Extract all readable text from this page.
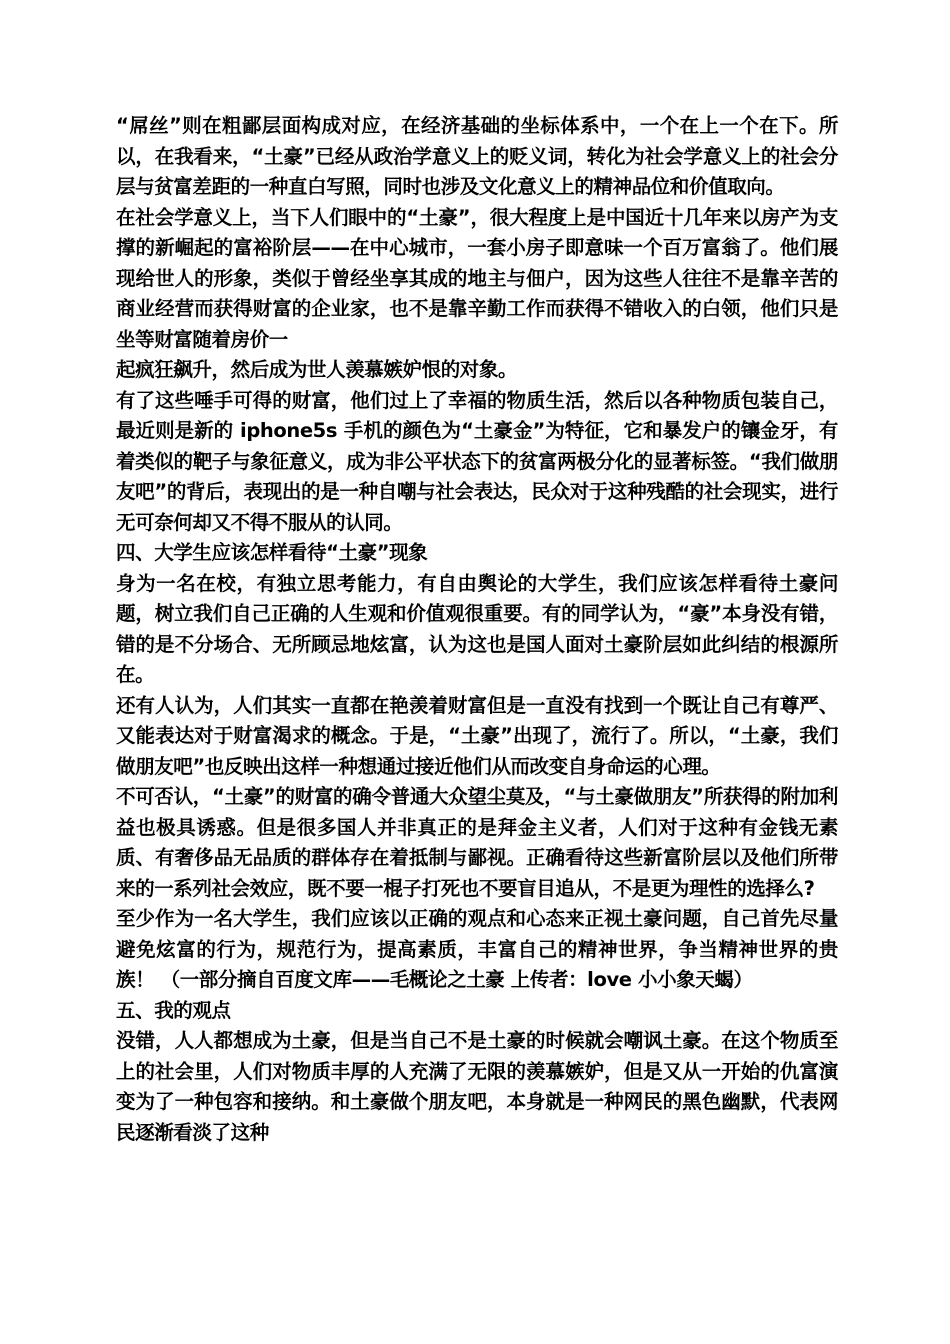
“屌丝”则在粗鄙层面构成对应，在经济基础的坐标体系中，一个在上一个在下。所以，在我看来，“土豪”已经从政治学意义上的贬义词，转化为社会学意义上的社会分层与贫富差距的一种直白写照，同时也涉及文化意义上的精神品位和价值取向。

在社会学意义上，当下人们眼中的“土豪”，很大程度上是中国近十几年来以房产为支撑的新崛起的富裕阶层——在中心城市，一套小房子即意味一个百万富翁了。他们展现给世人的形象，类似于曾经坐享其成的地主与佃户，因为这些人往往不是靠辛苦的商业经营而获得财富的企业家，也不是靠辛勤工作而获得不错收入的白领，他们只是坐等财富随着房价一

起疯狂飙升，然后成为世人羡慕嫉妒恨的对象。

有了这些唾手可得的财富，他们过上了幸福的物质生活，然后以各种物质包装自己，最近则是新的 iphone5s 手机的颜色为“土豪金”为特征，它和暴发户的镶金牙，有着类似的靶子与象征意义，成为非公平状态下的贫富两极分化的显著标签。“我们做朋友吧”的背后，表现出的是一种自嘲与社会表达，民众对于这种残酷的社会现实，进行无可奈何却又不得不服从的认同。

四、大学生应该怎样看待“土豪”现象

身为一名在校，有独立思考能力，有自由舆论的大学生，我们应该怎样看待土豪问题，树立我们自己正确的人生观和价值观很重要。有的同学认为，“豪”本身没有错，错的是不分场合、无所顾忌地炫富，认为这也是国人面对土豪阶层如此纠结的根源所在。

还有人认为，人们其实一直都在艳羡着财富但是一直没有找到一个既让自己有尊严、又能表达对于财富渴求的概念。于是，“土豪”出现了，流行了。所以，“土豪，我们做朋友吧”也反映出这样一种想通过接近他们从而改变自身命运的心理。

不可否认，“土豪”的财富的确令普通大众望尘莫及，“与土豪做朋友”所获得的附加利益也极具诱惑。但是很多国人并非真正的是拜金主义者，人们对于这种有金钱无素质、有奢侈品无品质的群体存在着抵制与鄙视。正确看待这些新富阶层以及他们所带来的一系列社会效应，既不要一棍子打死也不要盲目追从，不是更为理性的选择么?

至少作为一名大学生，我们应该以正确的观点和心态来正视土豪问题，自己首先尽量避免炫富的行为，规范行为，提高素质，丰富自己的精神世界，争当精神世界的贵族！ （一部分摘自百度文库——毛概论之土豪 上传者：love 小小象天蝎）

五、我的观点

没错，人人都想成为土豪，但是当自己不是土豪的时候就会嘲讽土豪。在这个物质至上的社会里，人们对物质丰厚的人充满了无限的羡慕嫉妒，但是又从一开始的仇富演变为了一种包容和接纳。和土豪做个朋友吧，本身就是一种网民的黑色幽默，代表网民逐渐看淡了这种
